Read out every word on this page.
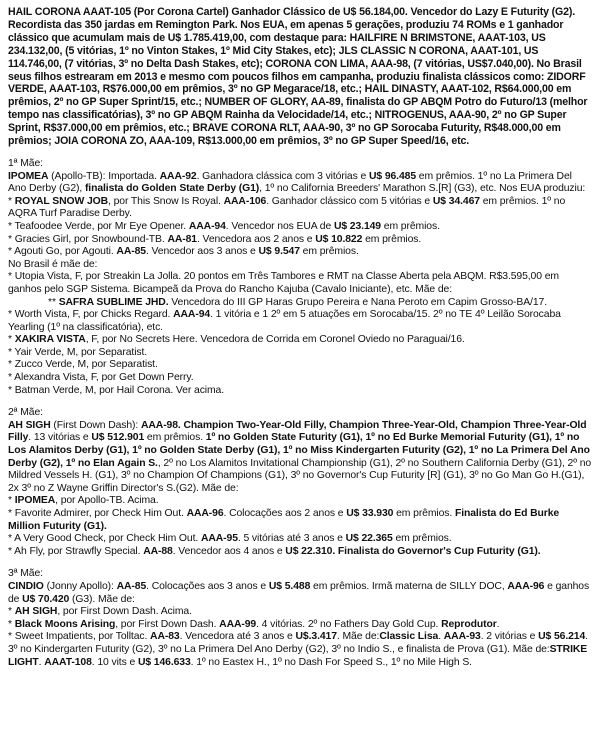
HAIL CORONA AAAT-105 (Por Corona Cartel) Ganhador Clássico de U$ 56.184,00. Vencedor do Lazy E Futurity (G2). Recordista das 350 jardas em Remington Park. Nos EUA, em apenas 5 gerações, produziu 74 ROMs e 1 ganhador clássico que acumulam mais de U$ 1.785.419,00, com destaque para: HAILFIRE N BRIMSTONE, AAAT-103, US 234.132,00, (5 vitórias, 1º no Vinton Stakes, 1º Mid City Stakes, etc); JLS CLASSIC N CORONA, AAAT-101, US 114.746,00, (7 vitórias, 3º no Delta Dash Stakes, etc); CORONA CON LIMA, AAA-98, (7 vitórias, US$7.040,00). No Brasil seus filhos estrearam em 2013 e mesmo com poucos filhos em campanha, produziu finalista clássicos como: ZIDORF VERDE, AAAT-103, R$76.000,00 em prêmios, 3º no GP Megarace/18, etc.; HAIL DINASTY, AAAT-102, R$64.000,00 em prêmios, 2º no GP Super Sprint/15, etc.; NUMBER OF GLORY, AA-89, finalista do GP ABQM Potro do Futuro/13 (melhor tempo nas classificatórias), 3º no GP ABQM Rainha da Velocidade/14, etc.; NITROGENUS, AAA-90, 2º no GP Super Sprint, R$37.000,00 em prêmios, etc.; BRAVE CORONA RLT, AAA-90, 3º no GP Sorocaba Futurity, R$48.000,00 em prêmios; JOIA CORONA ZO, AAA-109, R$13.000,00 em prêmios, 3º no GP Super Speed/16, etc.
1ª Mãe:
IPOMEA (Apollo-TB): Importada. AAA-92. Ganhadora clássica com 3 vitórias e U$ 96.485 em prêmios. 1º no La Primera Del Ano Derby (G2), finalista do Golden State Derby (G1), 1º no California Breeders' Marathon S.[R] (G3), etc. Nos EUA produziu:
* ROYAL SNOW JOB, por This Snow Is Royal. AAA-106. Ganhador clássico com 5 vitórias e U$ 34.467 em prêmios. 1º no AQRA Turf Paradise Derby.
* Teafoodee Verde, por Mr Eye Opener. AAA-94. Vencedor nos EUA de U$ 23.149 em prêmios.
* Gracies Girl, por Snowbound-TB. AA-81. Vencedora aos 2 anos e U$ 10.822 em prêmios.
* Agouti Go, por Agouti. AA-85. Vencedor aos 3 anos e U$ 9.547 em prêmios.
No Brasil é mãe de:
* Utopia Vista, F, por Streakin La Jolla. 20 pontos em Três Tambores e RMT na Classe Aberta pela ABQM. R$3.595,00 em ganhos pelo SGP Sistema. Bicampeã da Prova do Rancho Kajuba (Cavalo Iniciante), etc. Mãe de:
** SAFRA SUBLIME JHD. Vencedora do III GP Haras Grupo Pereira e Nana Peroto em Capim Grosso-BA/17.
* Worth Vista, F, por Chicks Regard. AAA-94. 1 vitória e 1 2º em 5 atuações em Sorocaba/15. 2º no TE 4º Leilão Sorocaba Yearling (1º na classificatória), etc.
* XAKIRA VISTA, F, por No Secrets Here. Vencedora de Corrida em Coronel Oviedo no Paraguai/16.
* Yair Verde, M, por Separatist.
* Zucco Verde, M, por Separatist.
* Alexandra Vista, F, por Get Down Perry.
* Batman Verde, M, por Hail Corona. Ver acima.
2ª Mãe:
AH SIGH (First Down Dash): AAA-98. Champion Two-Year-Old Filly, Champion Three-Year-Old, Champion Three-Year-Old Filly. 13 vitórias e U$ 512.901 em prêmios. 1º no Golden State Futurity (G1), 1º no Ed Burke Memorial Futurity (G1), 1º no Los Alamitos Derby (G1), 1º no Golden State Derby (G1), 1º no Miss Kindergarten Futurity (G2), 1º no La Primera Del Ano Derby (G2), 1º no Elan Again S., 2º no Los Alamitos Invitational Championship (G1), 2º no Southern California Derby (G1), 2º no Mildred Vessels H. (G1), 3º no Champion Of Champions (G1), 3º no Governor's Cup Futurity [R] (G1), 3º no Go Man Go H.(G1), 2x 3º no Z Wayne Griffin Director's S.(G2). Mãe de:
* IPOMEA, por Apollo-TB. Acima.
* Favorite Admirer, por Check Him Out. AAA-96. Colocações aos 2 anos e U$ 33.930 em prêmios. Finalista do Ed Burke Million Futurity (G1).
* A Very Good Check, por Check Him Out. AAA-95. 5 vitórias até 3 anos e U$ 22.365 em prêmios.
* Ah Fly, por Strawfly Special. AA-88. Vencedor aos 4 anos e U$ 22.310. Finalista do Governor's Cup Futurity (G1).
3ª Mãe:
CINDIO (Jonny Apollo): AA-85. Colocações aos 3 anos e U$ 5.488 em prêmios. Irmã materna de SILLY DOC, AAA-96 e ganhos de U$ 70.420 (G3). Mãe de:
* AH SIGH, por First Down Dash. Acima.
* Black Moons Arising, por First Down Dash. AAA-99. 4 vitórias. 2º no Fathers Day Gold Cup. Reprodutor.
* Sweet Impatients, por Tolltac. AA-83. Vencedora até 3 anos e U$.3.417. Mãe de:Classic Lisa. AAA-93. 2 vitórias e U$ 56.214. 3º no Kindergarten Futurity (G2), 3º no La Primera Del Ano Derby (G2), 3º no Indio S., e finalista de Prova (G1). Mãe de:STRIKE LIGHT. AAAT-108. 10 vits e U$ 146.633. 1º no Eastex H., 1º no Dash For Speed S., 1º no Mile High S.
